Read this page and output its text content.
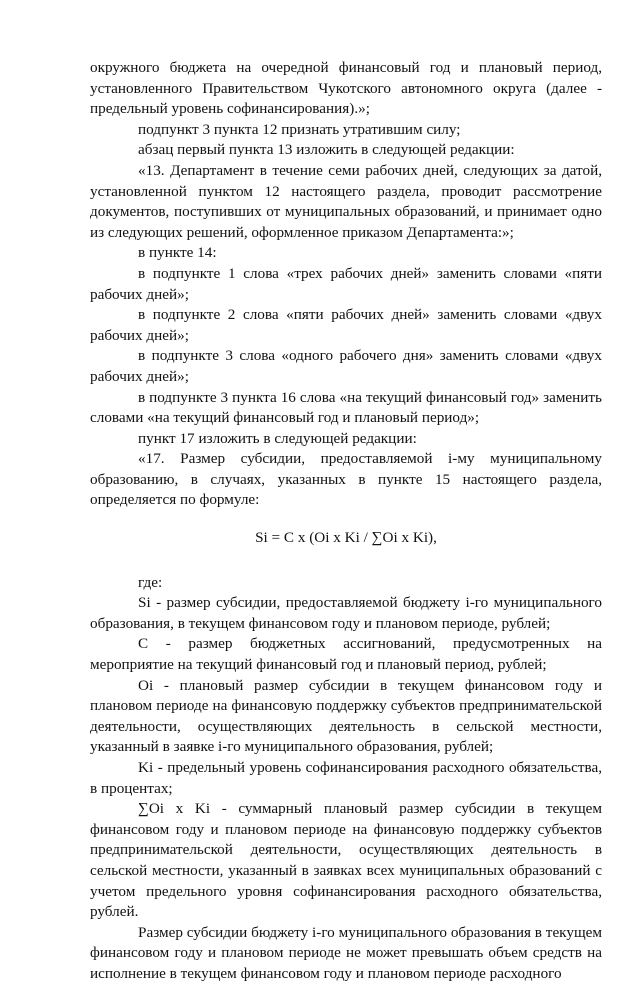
окружного бюджета на очередной финансовый год и плановый период, установленного Правительством Чукотского автономного округа (далее - предельный уровень софинансирования).»;

подпункт 3 пункта 12 признать утратившим силу;

абзац первый пункта 13 изложить в следующей редакции:

«13. Департамент в течение семи рабочих дней, следующих за датой, установленной пунктом 12 настоящего раздела, проводит рассмотрение документов, поступивших от муниципальных образований, и принимает одно из следующих решений, оформленное приказом Департамента:»;

в пункте 14:

в подпункте 1 слова «трех рабочих дней» заменить словами «пяти рабочих дней»;

в подпункте 2 слова «пяти рабочих дней» заменить словами «двух рабочих дней»;

в подпункте 3 слова «одного рабочего дня» заменить словами «двух рабочих дней»;

в подпункте 3 пункта 16 слова «на текущий финансовый год» заменить словами «на текущий финансовый год и плановый период»;

пункт 17 изложить в следующей редакции:

«17. Размер субсидии, предоставляемой i-му муниципальному образованию, в случаях, указанных в пункте 15 настоящего раздела, определяется по формуле:

Si = C x (Oi x Ki / ∑Oi x Ki),

где:

Si - размер субсидии, предоставляемой бюджету i-го муниципального образования, в текущем финансовом году и плановом периоде, рублей;

C - размер бюджетных ассигнований, предусмотренных на мероприятие на текущий финансовый год и плановый период, рублей;

Oi - плановый размер субсидии в текущем финансовом году и плановом периоде на финансовую поддержку субъектов предпринимательской деятельности, осуществляющих деятельность в сельской местности, указанный в заявке i-го муниципального образования, рублей;

Ki - предельный уровень софинансирования расходного обязательства, в процентах;

∑Oi x Ki - суммарный плановый размер субсидии в текущем финансовом году и плановом периоде на финансовую поддержку субъектов предпринимательской деятельности, осуществляющих деятельность в сельской местности, указанный в заявках всех муниципальных образований с учетом предельного уровня софинансирования расходного обязательства, рублей.

Размер субсидии бюджету i-го муниципального образования в текущем финансовом году и плановом периоде не может превышать объем средств на исполнение в текущем финансовом году и плановом периоде расходного
